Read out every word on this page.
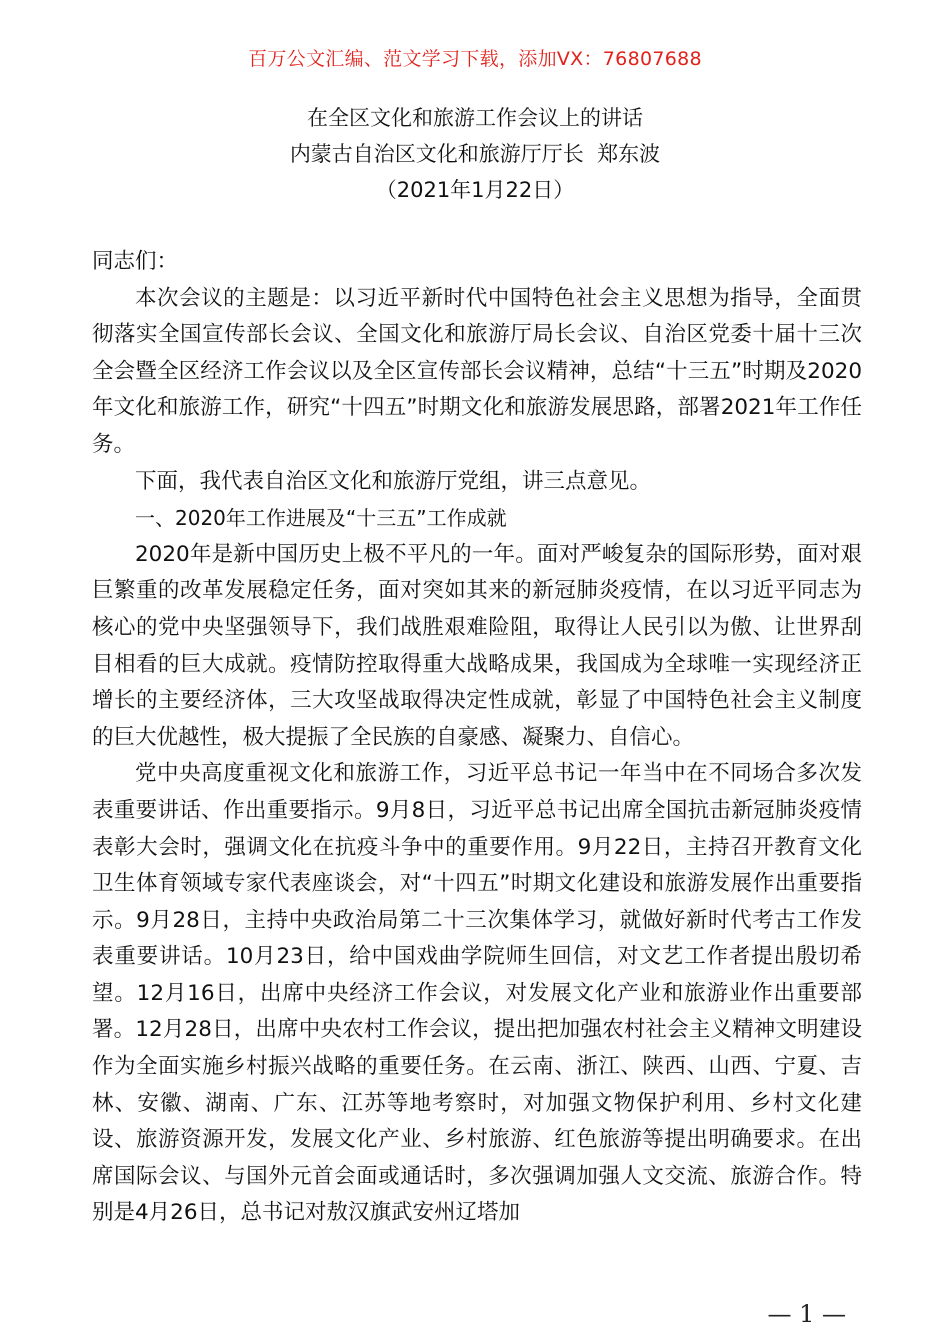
百万公文汇编、范文学习下载，添加VX：76807688
在全区文化和旅游工作会议上的讲话
内蒙古自治区文化和旅游厅厅长  郑东波
（2021年1月22日）

同志们：

本次会议的主题是：以习近平新时代中国特色社会主义思想为指导，全面贯彻落实全国宣传部长会议、全国文化和旅游厅局长会议、自治区党委十届十三次全会暨全区经济工作会议以及全区宣传部长会议精神，总结“十三五”时期及2020年文化和旅游工作，研究“十四五”时期文化和旅游发展思路，部署2021年工作任务。

下面，我代表自治区文化和旅游厅党组，讲三点意见。

一、2020年工作进展及“十三五”工作成就

2020年是新中国历史上极不平凡的一年。面对严峻复杂的国际形势，面对艰巨繁重的改革发展稳定任务，面对突如其来的新冠肺炎疫情，在以习近平同志为核心的党中央坚强领导下，我们战胜艰难险阻，取得让人民引以为傲、让世界刮目相看的巨大成就。疫情防控取得重大战略成果，我国成为全球唯一实现经济正增长的主要经济体，三大攻坚战取得决定性成就，彰显了中国特色社会主义制度的巨大优越性，极大提振了全民族的自豪感、凝聚力、自信心。

党中央高度重视文化和旅游工作，习近平总书记一年当中在不同场合多次发表重要讲话、作出重要指示。9月8日，习近平总书记出席全国抗击新冠肺炎疫情表彰大会时，强调文化在抗疫斗争中的重要作用。9月22日，主持召开教育文化卫生体育领域专家代表座谈会，对“十四五”时期文化建设和旅游发展作出重要指示。9月28日，主持中央政治局第二十三次集体学习，就做好新时代考古工作发表重要讲话。10月23日，给中国戏曲学院师生回信，对文艺工作者提出殷切希望。12月16日，出席中央经济工作会议，对发展文化产业和旅游业作出重要部署。12月28日，出席中央农村工作会议，提出把加强农村社会主义精神文明建设作为全面实施乡村振兴战略的重要任务。在云南、浙江、陕西、山西、宁夏、吉林、安徽、湖南、广东、江苏等地考察时，对加强文物保护利用、乡村文化建设、旅游资源开发，发展文化产业、乡村旅游、红色旅游等提出明确要求。在出席国际会议、与国外元首会面或通话时，多次强调加强人文交流、旅游合作。特别是4月26日，总书记对敖汉旗武安州辽塔加

— 1 —
